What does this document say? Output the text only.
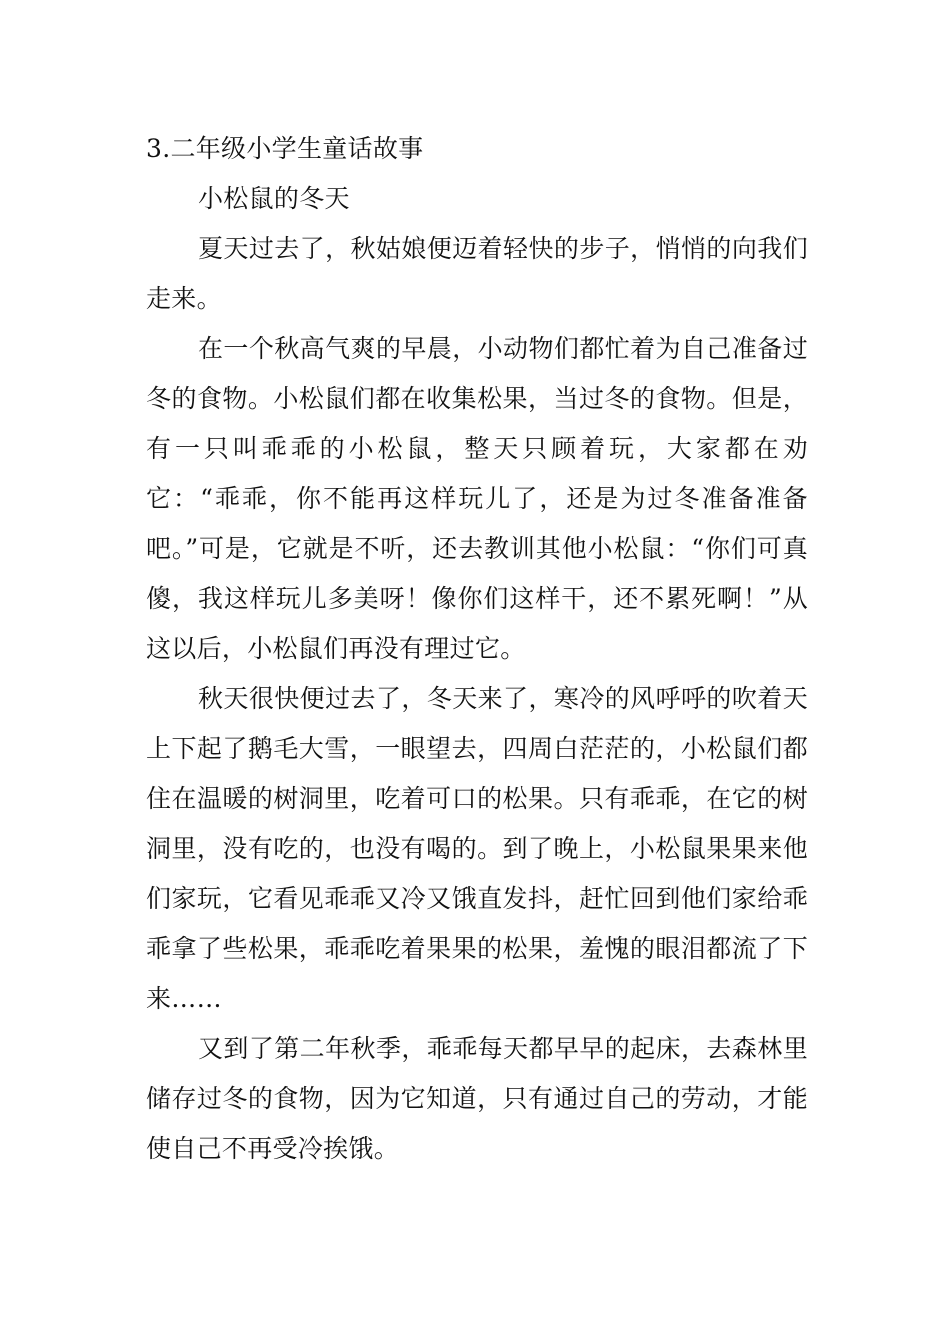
3.二年级小学生童话故事
小松鼠的冬天

夏天过去了，秋姑娘便迈着轻快的步子，悄悄的向我们走来。

在一个秋高气爽的早晨，小动物们都忙着为自己准备过冬的食物。小松鼠们都在收集松果，当过冬的食物。但是，有一只叫乖乖的小松鼠，整天只顾着玩，大家都在劝它：“乖乖，你不能再这样玩儿了，还是为过冬准备准备吧。”可是，它就是不听，还去教训其他小松鼠：“你们可真傻，我这样玩儿多美呀！像你们这样干，还不累死啊！”从这以后，小松鼠们再没有理过它。

秋天很快便过去了，冬天来了，寒冷的风呼呼的吹着天上下起了鹅毛大雪，一眼望去，四周白茫茫的，小松鼠们都住在温暖的树洞里，吃着可口的松果。只有乖乖，在它的树洞里，没有吃的，也没有喝的。到了晚上，小松鼠果果来他们家玩，它看见乖乖又冷又饿直发抖，赶忙回到他们家给乖乖拿了些松果，乖乖吃着果果的松果，羞愧的眼泪都流了下来……

又到了第二年秋季，乖乖每天都早早的起床，去森林里储存过冬的食物，因为它知道，只有通过自己的劳动，才能使自己不再受冷挨饿。
